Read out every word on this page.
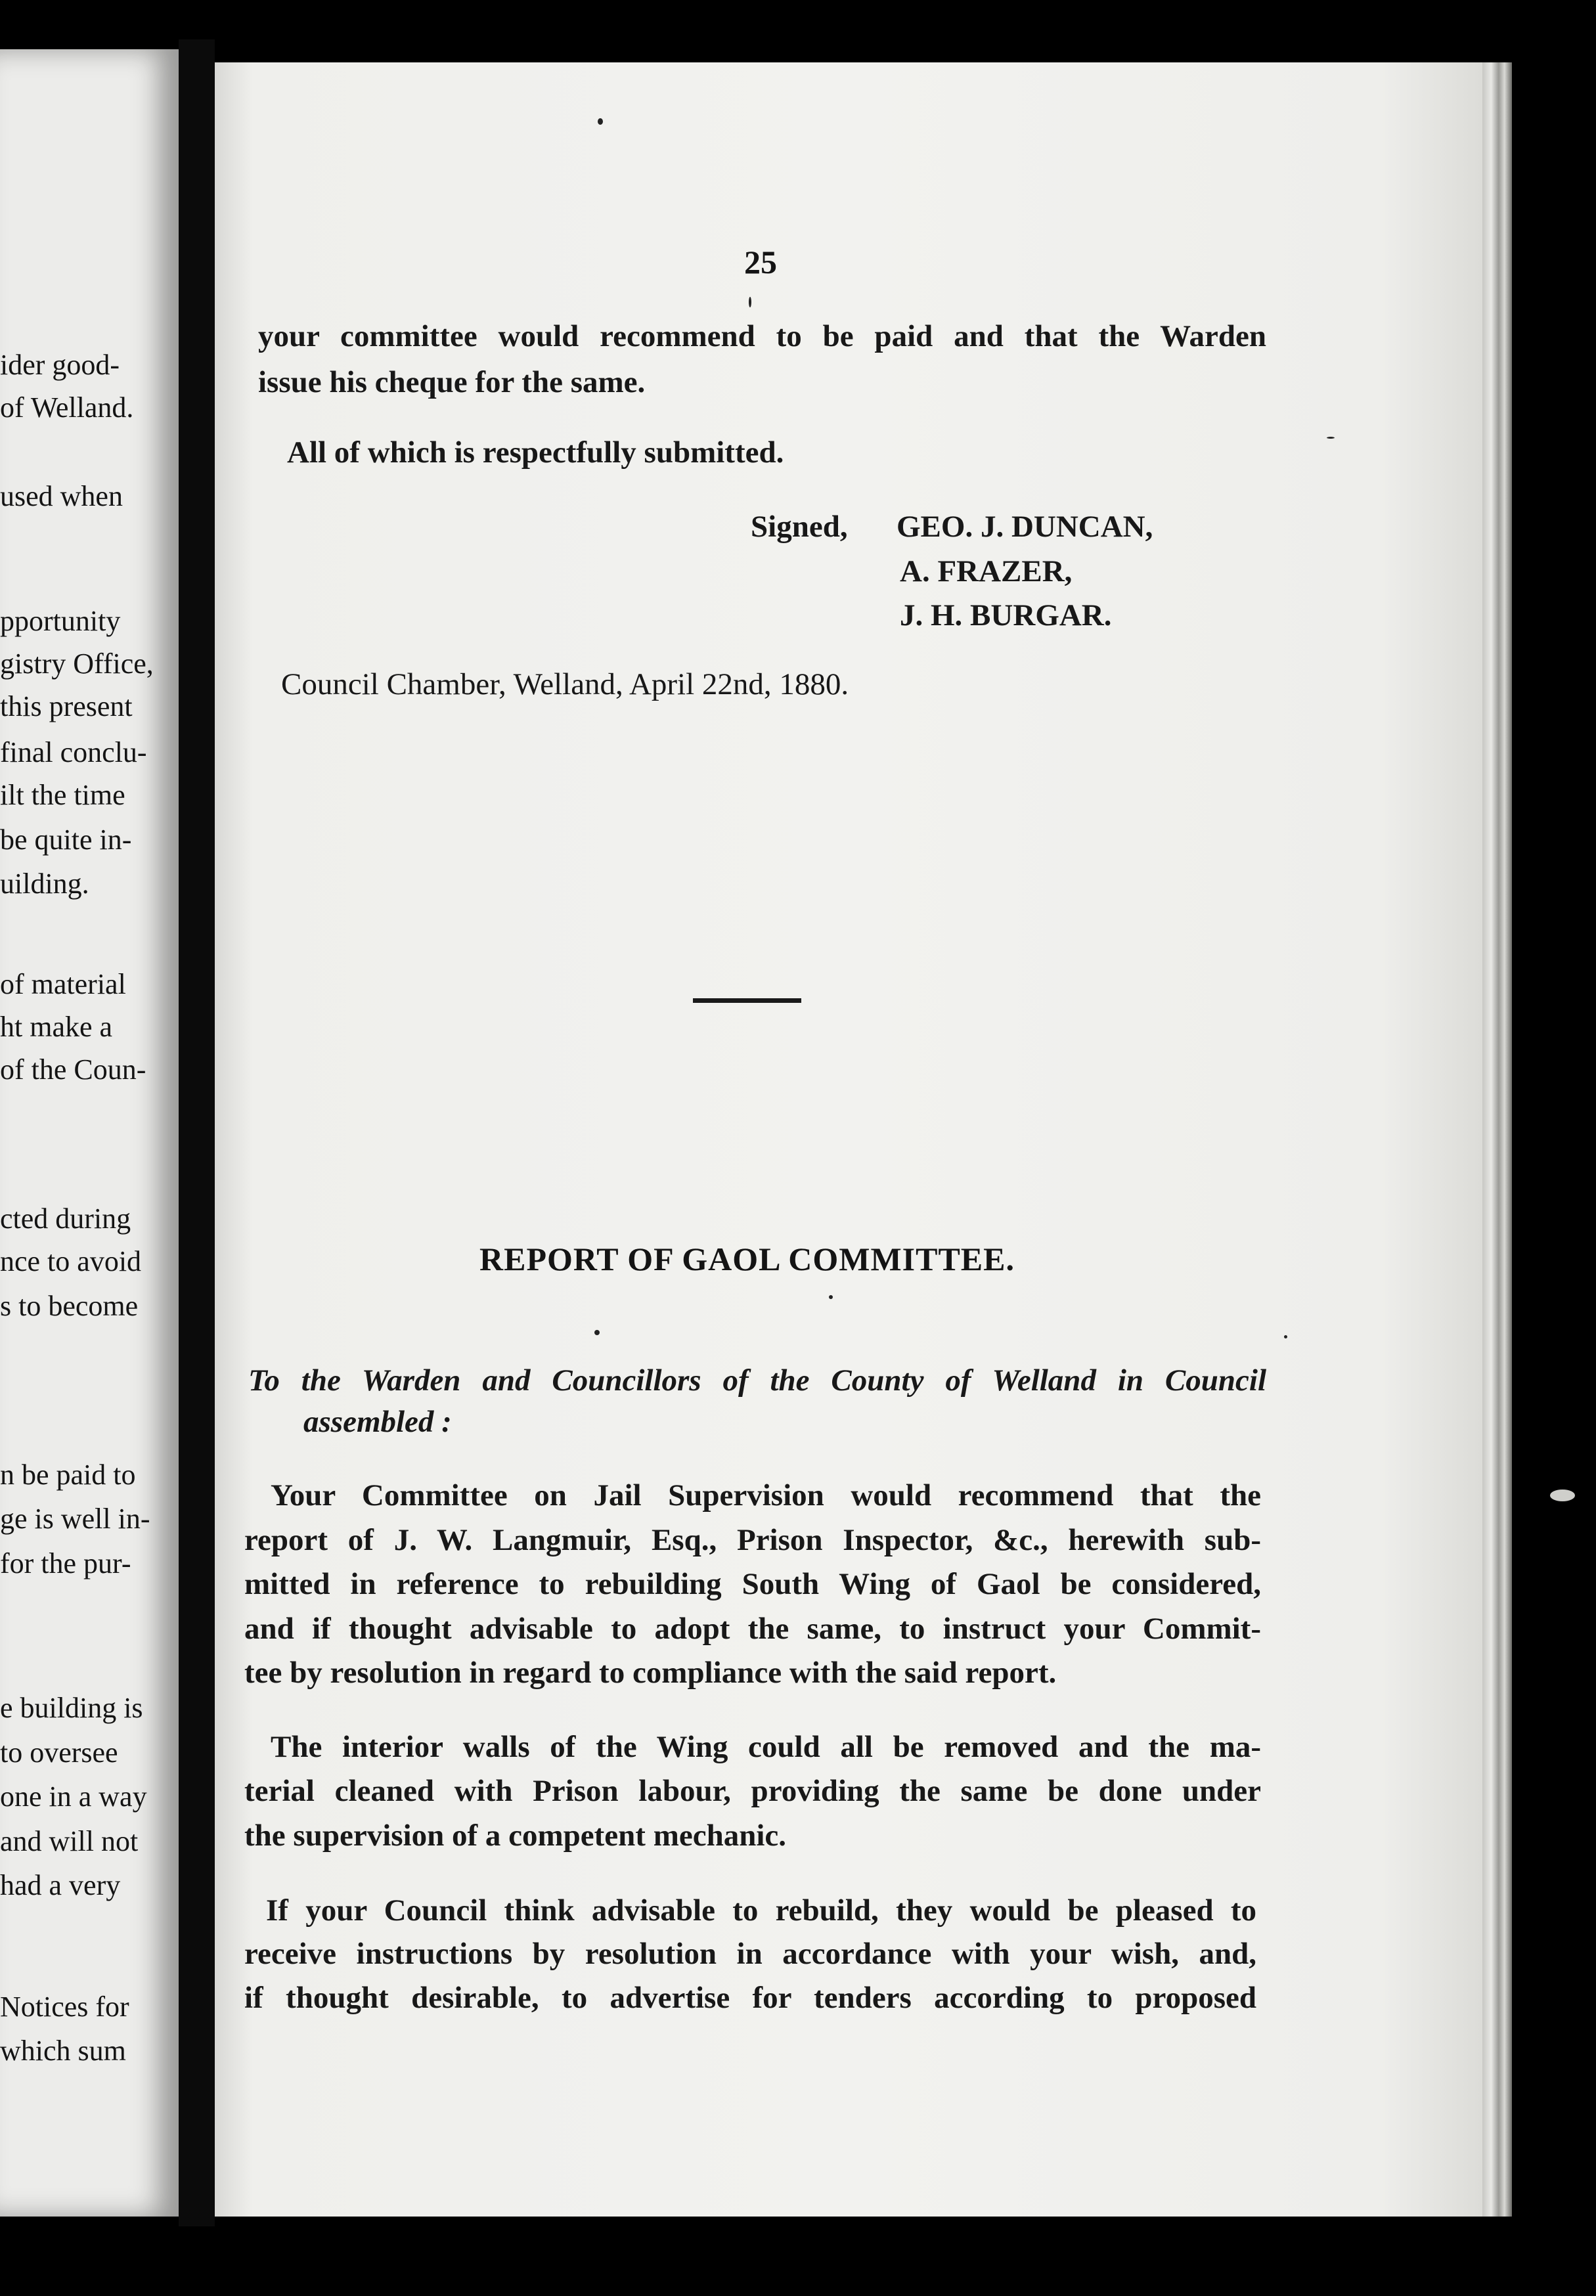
ider good-
of Welland.
used when
pportunity
gistry Office,
this present
final conclu-
ilt the time
be quite in-
uilding.
of material
ht make a
of the Coun-
cted during
nce to avoid
s to become
n be paid to
ge is well in-
for the pur-
e building is
to oversee
one in a way
and will not
had a very
Notices for
which sum
25
your committee would recommend to be paid and that the Warden
issue his cheque for the same.
All of which is respectfully submitted.
Signed, GEO. J. DUNCAN,
A. FRAZER,
J. H. BURGAR.
Council Chamber, Welland, April 22nd, 1880.
REPORT OF GAOL COMMITTEE.
To the Warden and Councillors of the County of Welland in Council
assembled :
Your Committee on Jail Supervision would recommend that the
report of J. W. Langmuir, Esq., Prison Inspector, &c., herewith sub-
mitted in reference to rebuilding South Wing of Gaol be considered,
and if thought advisable to adopt the same, to instruct your Commit-
tee by resolution in regard to compliance with the said report.
The interior walls of the Wing could all be removed and the ma-
terial cleaned with Prison labour, providing the same be done under
the supervision of a competent mechanic.
If your Council think advisable to rebuild, they would be pleased to
receive instructions by resolution in accordance with your wish, and,
if thought desirable, to advertise for tenders according to proposed
